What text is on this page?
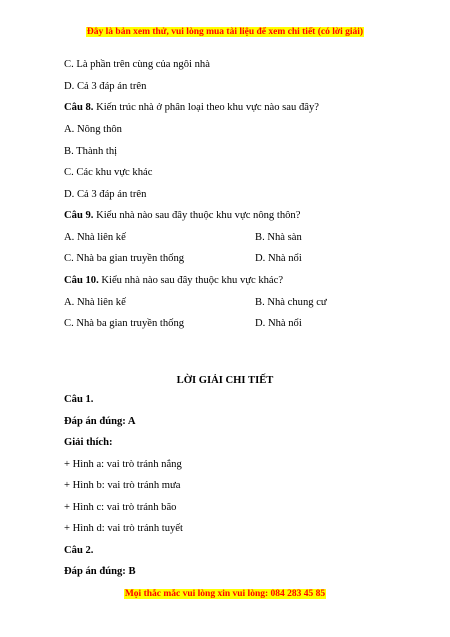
Đây là bản xem thử, vui lòng mua tài liệu để xem chi tiết (có lời giải)
C. Là phần trên cùng của ngôi nhà
D. Cả 3 đáp án trên
Câu 8. Kiến trúc nhà ở phân loại theo khu vực nào sau đây?
A. Nông thôn
B. Thành thị
C. Các khu vực khác
D. Cả 3 đáp án trên
Câu 9. Kiểu nhà nào sau đây thuộc khu vực nông thôn?
A. Nhà liên kế	B. Nhà sàn
C. Nhà ba gian truyền thống	D. Nhà nổi
Câu 10. Kiểu nhà nào sau đây thuộc khu vực khác?
A. Nhà liên kế	B. Nhà chung cư
C. Nhà ba gian truyền thống	D. Nhà nổi
LỜI GIẢI CHI TIẾT
Câu 1.
Đáp án đúng: A
Giải thích:
+ Hình a: vai trò tránh nắng
+ Hình b: vai trò tránh mưa
+ Hình c: vai trò tránh bão
+ Hình d: vai trò tránh tuyết
Câu 2.
Đáp án đúng: B
Mọi thắc mắc vui lòng xin vui lòng: 084 283 45 85
